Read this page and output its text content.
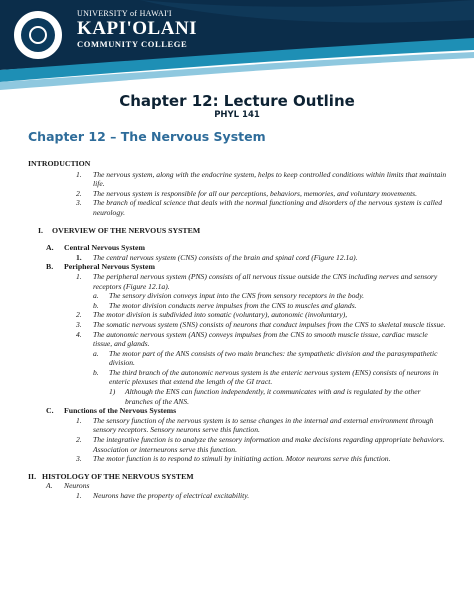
UNIVERSITY of HAWAI'I
KAPI'OLANI
COMMUNITY COLLEGE
Chapter 12: Lecture Outline
PHYL 141
Chapter 12 – The Nervous System
INTRODUCTION
1.	The nervous system, along with the endocrine system, helps to keep controlled conditions within limits that maintain life.
2.	The nervous system is responsible for all our perceptions, behaviors, memories, and voluntary movements.
3.	The branch of medical science that deals with the normal functioning and disorders of the nervous system is called neurology.
I.	OVERVIEW OF THE NERVOUS SYSTEM
A.	Central Nervous System
1.	The central nervous system (CNS) consists of the brain and spinal cord (Figure 12.1a).
B.	Peripheral Nervous System
1.	The peripheral nervous system (PNS) consists of all nervous tissue outside the CNS including nerves and sensory receptors (Figure 12.1a).
a.	The sensory division conveys input into the CNS from sensory receptors in the body.
b.	The motor division conducts nerve impulses from the CNS to muscles and glands.
2.	The motor division is subdivided into somatic (voluntary), autonomic (involuntary),
3.	The somatic nervous system (SNS) consists of neurons that conduct impulses from the CNS to skeletal muscle tissue.
4.	The autonomic nervous system (ANS) conveys impulses from the CNS to smooth muscle tissue, cardiac muscle tissue, and glands.
a.	The motor part of the ANS consists of two main branches: the sympathetic division and the parasympathetic division.
b.	The third branch of the autonomic nervous system is the enteric nervous system (ENS) consists of neurons in enteric plexuses that extend the length of the GI tract.
1)	Although the ENS can function independently, it communicates with and is regulated by the other branches of the ANS.
C.	Functions of the Nervous Systems
1.	The sensory function of the nervous system is to sense changes in the internal and external environment through sensory receptors. Sensory neurons serve this function.
2.	The integrative function is to analyze the sensory information and make decisions regarding appropriate behaviors. Association or interneurons serve this function.
3.	The motor function is to respond to stimuli by initiating action. Motor neurons serve this function.
II. HISTOLOGY OF THE NERVOUS SYSTEM
A.	Neurons
1.	Neurons have the property of electrical excitability.
